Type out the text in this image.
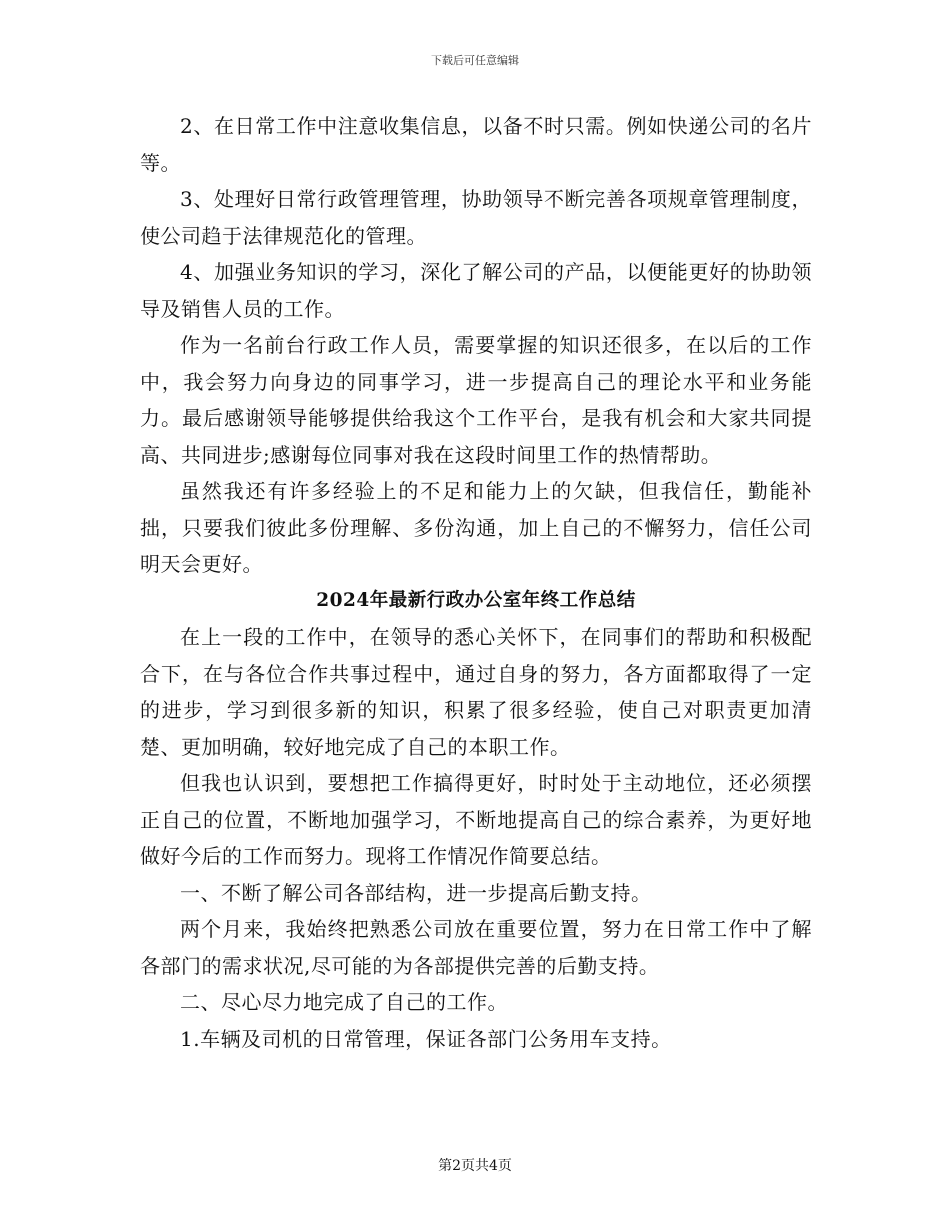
下载后可任意编辑

2、在日常工作中注意收集信息，以备不时只需。例如快递公司的名片等。

3、处理好日常行政管理管理，协助领导不断完善各项规章管理制度，使公司趋于法律规范化的管理。

4、加强业务知识的学习，深化了解公司的产品，以便能更好的协助领导及销售人员的工作。

作为一名前台行政工作人员，需要掌握的知识还很多，在以后的工作中，我会努力向身边的同事学习，进一步提高自己的理论水平和业务能力。最后感谢领导能够提供给我这个工作平台，是我有机会和大家共同提高、共同进步;感谢每位同事对我在这段时间里工作的热情帮助。

虽然我还有许多经验上的不足和能力上的欠缺，但我信任，勤能补拙，只要我们彼此多份理解、多份沟通，加上自己的不懈努力，信任公司明天会更好。

2024年最新行政办公室年终工作总结

在上一段的工作中，在领导的悉心关怀下，在同事们的帮助和积极配合下，在与各位合作共事过程中，通过自身的努力，各方面都取得了一定的进步，学习到很多新的知识，积累了很多经验，使自己对职责更加清楚、更加明确，较好地完成了自己的本职工作。

但我也认识到，要想把工作搞得更好，时时处于主动地位，还必须摆正自己的位置，不断地加强学习，不断地提高自己的综合素养，为更好地做好今后的工作而努力。现将工作情况作简要总结。

一、不断了解公司各部结构，进一步提高后勤支持。

两个月来，我始终把熟悉公司放在重要位置，努力在日常工作中了解各部门的需求状况,尽可能的为各部提供完善的后勤支持。

二、尽心尽力地完成了自己的工作。

1.车辆及司机的日常管理，保证各部门公务用车支持。

第2页共4页
